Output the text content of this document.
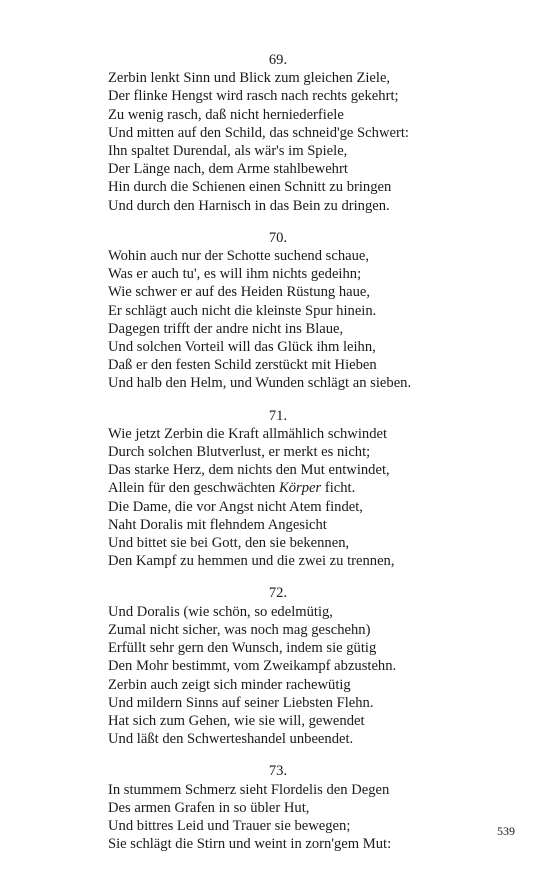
69.
Zerbin lenkt Sinn und Blick zum gleichen Ziele,
Der flinke Hengst wird rasch nach rechts gekehrt;
Zu wenig rasch, daß nicht herniederfiele
Und mitten auf den Schild, das schneid'ge Schwert:
Ihn spaltet Durendal, als wär's im Spiele,
Der Länge nach, dem Arme stahlbewehrt
Hin durch die Schienen einen Schnitt zu bringen
Und durch den Harnisch in das Bein zu dringen.
70.
Wohin auch nur der Schotte suchend schaue,
Was er auch tu', es will ihm nichts gedeihn;
Wie schwer er auf des Heiden Rüstung haue,
Er schlägt auch nicht die kleinste Spur hinein.
Dagegen trifft der andre nicht ins Blaue,
Und solchen Vorteil will das Glück ihm leihn,
Daß er den festen Schild zerstückt mit Hieben
Und halb den Helm, und Wunden schlägt an sieben.
71.
Wie jetzt Zerbin die Kraft allmählich schwindet
Durch solchen Blutverlust, er merkt es nicht;
Das starke Herz, dem nichts den Mut entwindet,
Allein für den geschwächten Körper ficht.
Die Dame, die vor Angst nicht Atem findet,
Naht Doralis mit flehndem Angesicht
Und bittet sie bei Gott, den sie bekennen,
Den Kampf zu hemmen und die zwei zu trennen,
72.
Und Doralis (wie schön, so edelmütig,
Zumal nicht sicher, was noch mag geschehn)
Erfüllt sehr gern den Wunsch, indem sie gütig
Den Mohr bestimmt, vom Zweikampf abzustehn.
Zerbin auch zeigt sich minder rachewütig
Und mildern Sinns auf seiner Liebsten Flehn.
Hat sich zum Gehen, wie sie will, gewendet
Und läßt den Schwerteshandel unbeendet.
73.
In stummem Schmerz sieht Flordelis den Degen
Des armen Grafen in so übler Hut,
Und bittres Leid und Trauer sie bewegen;
Sie schlägt die Stirn und weint in zorn'gem Mut:
539
